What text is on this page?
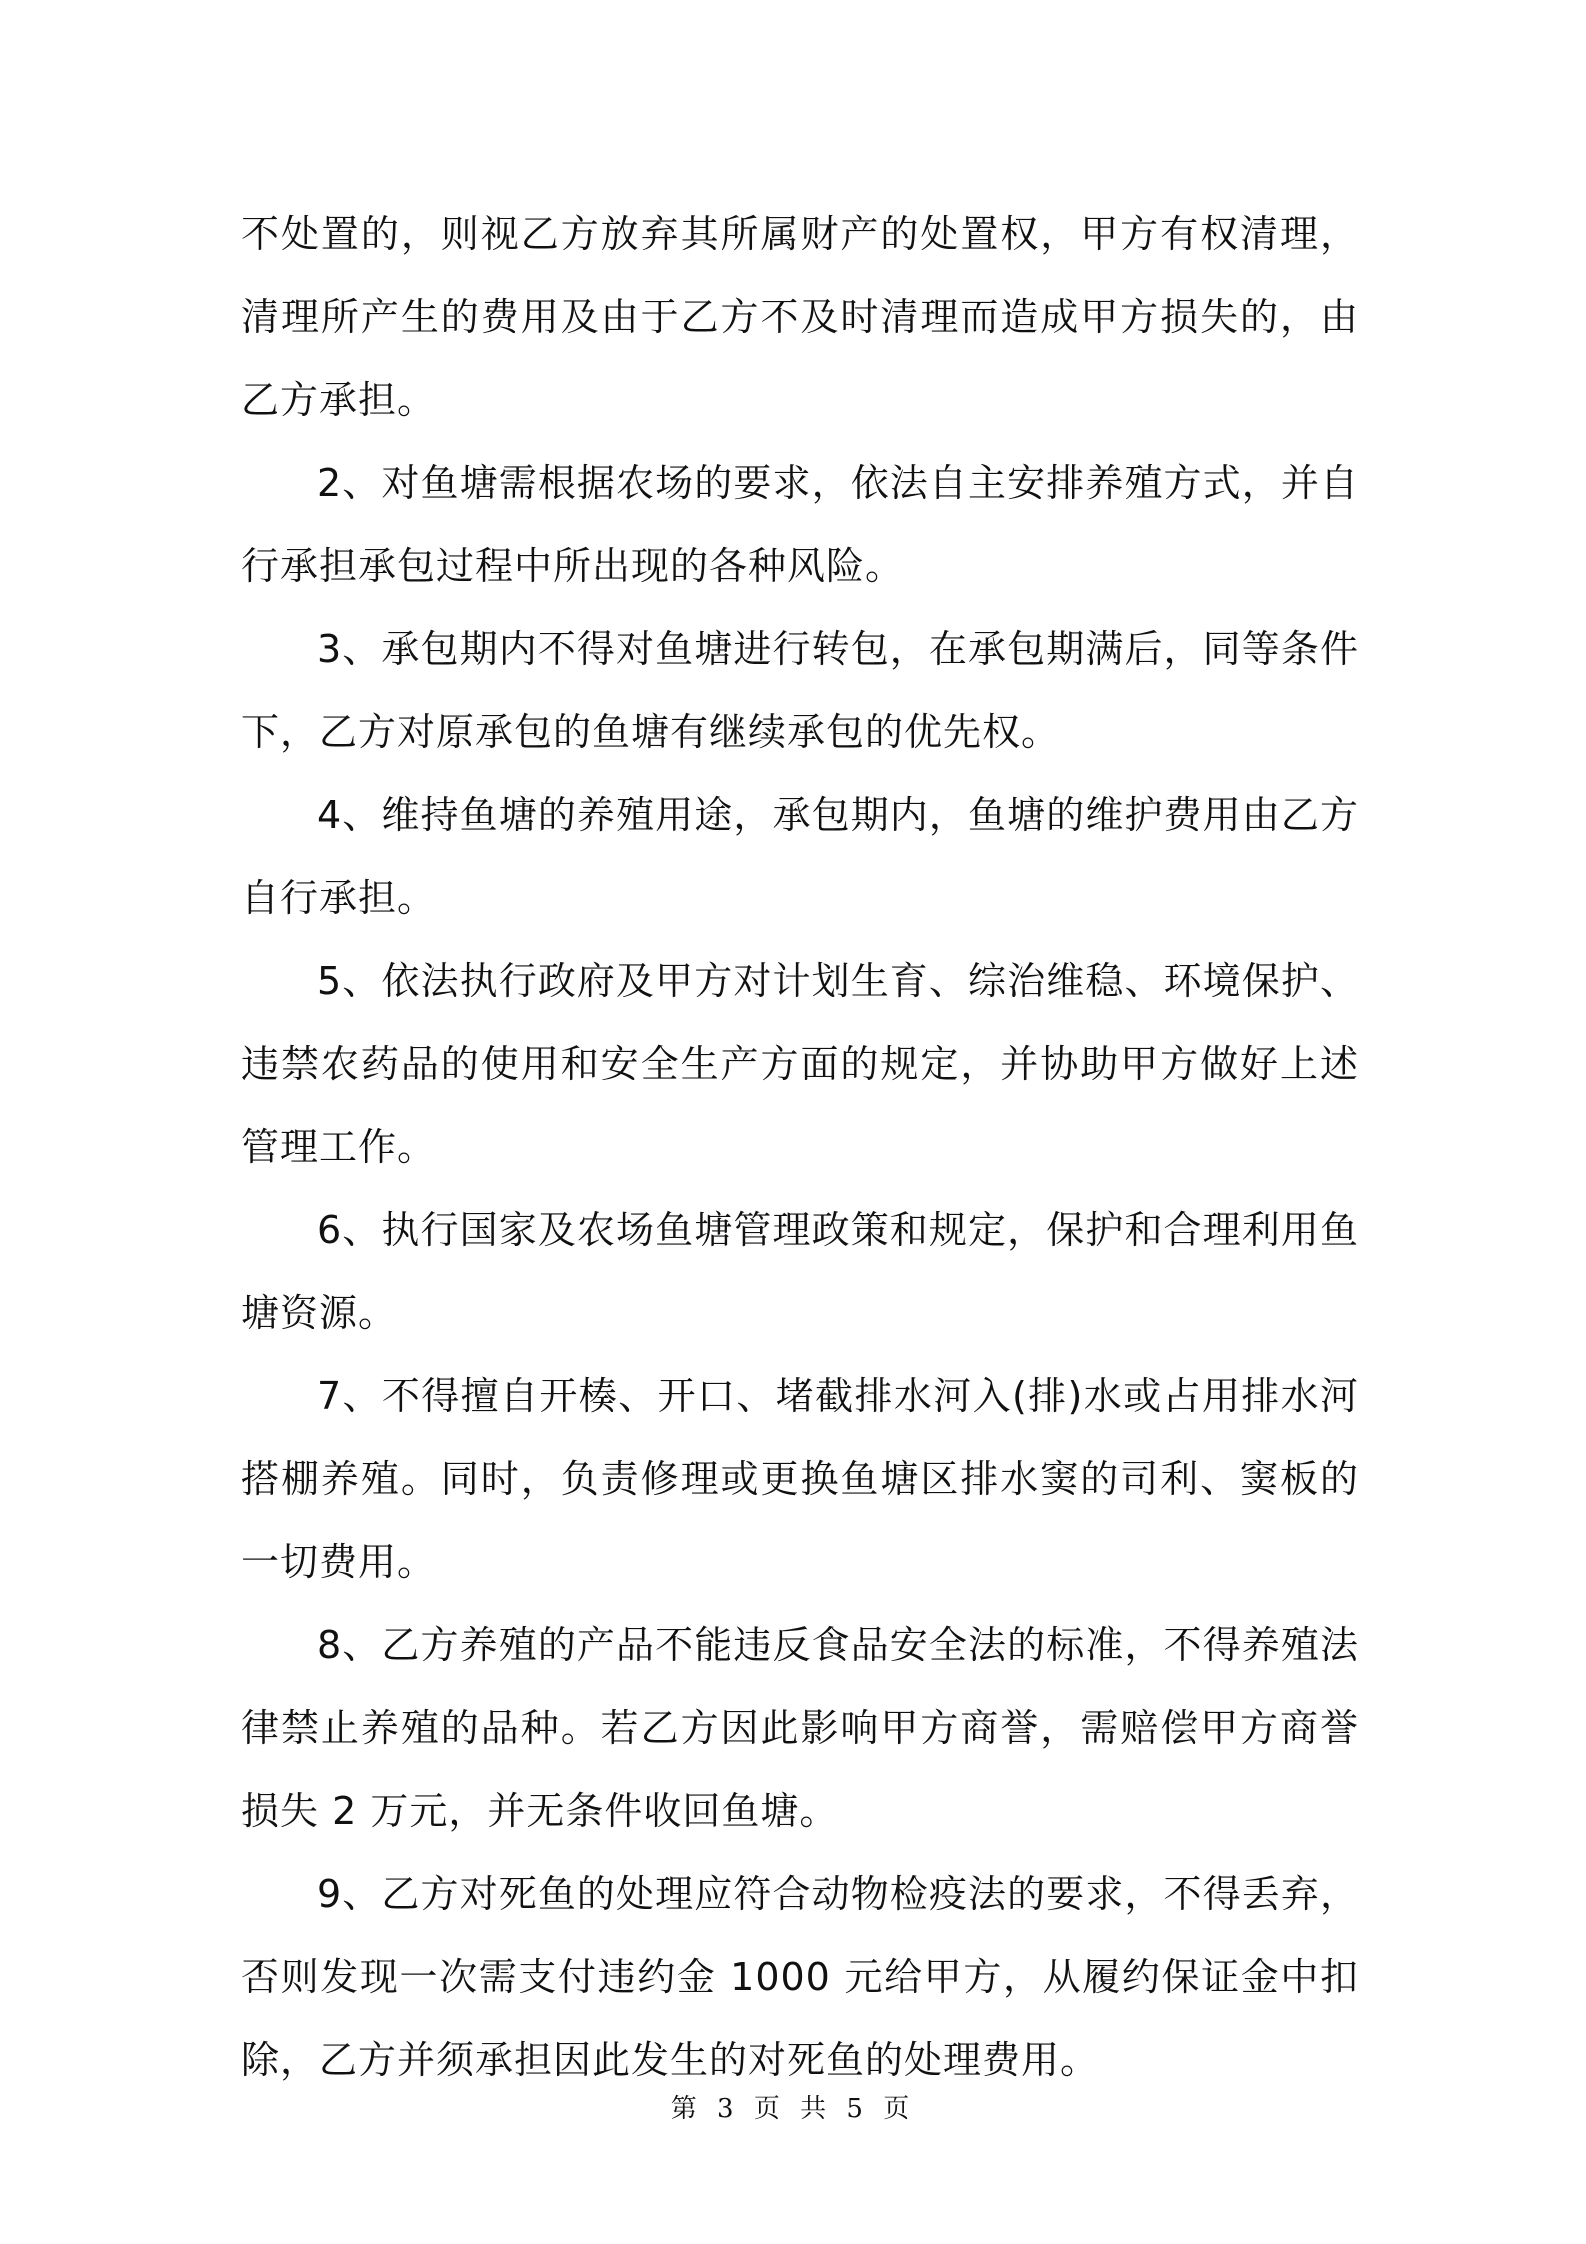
不处置的，则视乙方放弃其所属财产的处置权，甲方有权清理，清理所产生的费用及由于乙方不及时清理而造成甲方损失的，由乙方承担。

2、对鱼塘需根据农场的要求，依法自主安排养殖方式，并自行承担承包过程中所出现的各种风险。

3、承包期内不得对鱼塘进行转包，在承包期满后，同等条件下，乙方对原承包的鱼塘有继续承包的优先权。

4、维持鱼塘的养殖用途，承包期内，鱼塘的维护费用由乙方自行承担。

5、依法执行政府及甲方对计划生育、综治维稳、环境保护、违禁农药品的使用和安全生产方面的规定，并协助甲方做好上述管理工作。

6、执行国家及农场鱼塘管理政策和规定，保护和合理利用鱼塘资源。

7、不得擅自开楱、开口、堵截排水河入(排)水或占用排水河搭棚养殖。同时，负责修理或更换鱼塘区排水窦的司利、窦板的一切费用。

8、乙方养殖的产品不能违反食品安全法的标准，不得养殖法律禁止养殖的品种。若乙方因此影响甲方商誉，需赔偿甲方商誉损失 2 万元，并无条件收回鱼塘。

9、乙方对死鱼的处理应符合动物检疫法的要求，不得丢弃，否则发现一次需支付违约金 1000 元给甲方，从履约保证金中扣除，乙方并须承担因此发生的对死鱼的处理费用。

第 3 页 共 5 页
